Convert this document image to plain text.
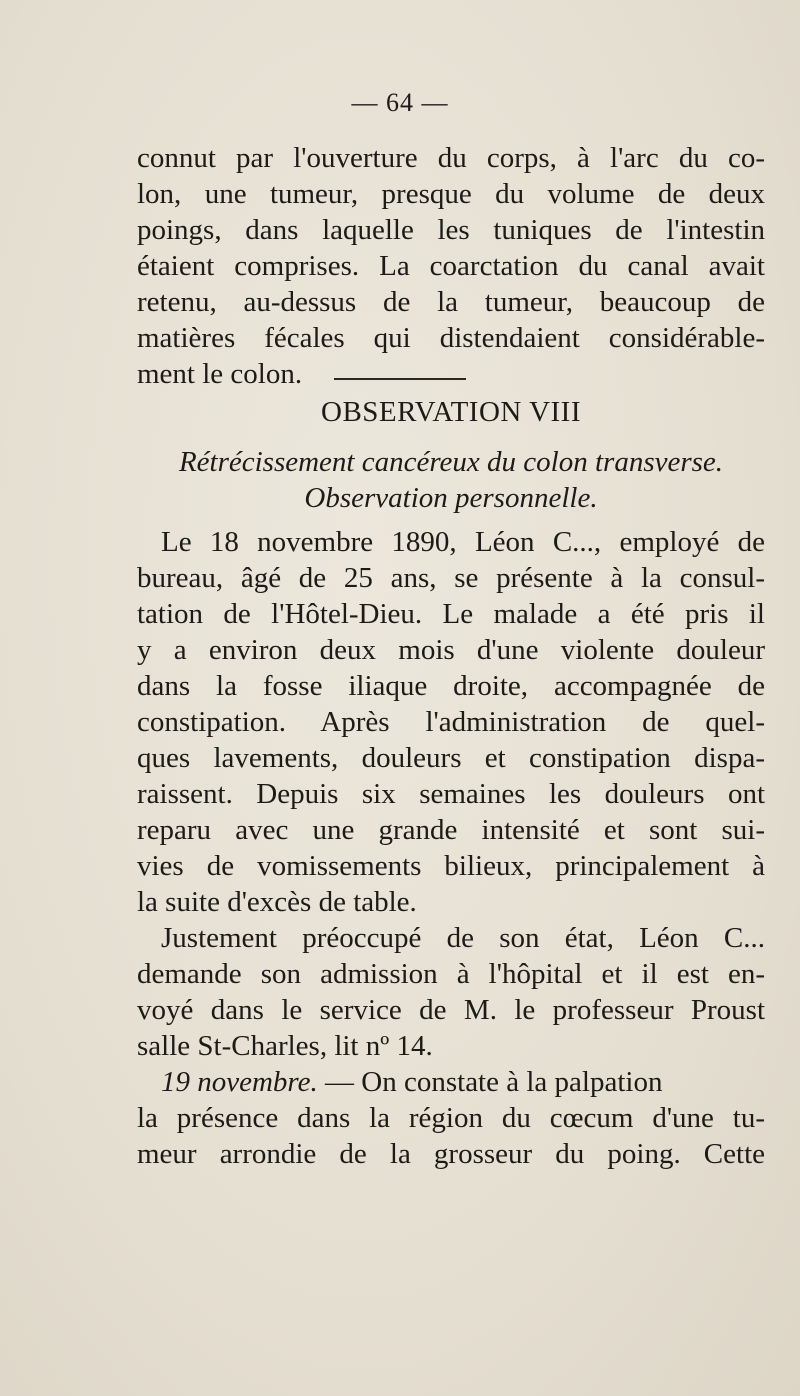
— 64 —
connut par l'ouverture du corps, à l'arc du co-
lon, une tumeur, presque du volume de deux
poings, dans laquelle les tuniques de l'intestin
étaient comprises. La coarctation du canal avait
retenu, au-dessus de la tumeur, beaucoup de
matières fécales qui distendaient considérable-
ment le colon.
OBSERVATION VIII
Rétrécissement cancéreux du colon transverse.
Observation personnelle.
Le 18 novembre 1890, Léon C..., employé de
bureau, âgé de 25 ans, se présente à la consul-
tation de l'Hôtel-Dieu. Le malade a été pris il
y a environ deux mois d'une violente douleur
dans la fosse iliaque droite, accompagnée de
constipation. Après l'administration de quel-
ques lavements, douleurs et constipation dispa-
raissent. Depuis six semaines les douleurs ont
reparu avec une grande intensité et sont sui-
vies de vomissements bilieux, principalement à
la suite d'excès de table.
Justement préoccupé de son état, Léon C...
demande son admission à l'hôpital et il est en-
voyé dans le service de M. le professeur Proust
salle St-Charles, lit nº 14.
19 novembre. — On constate à la palpation
la présence dans la région du cœcum d'une tu-
meur arrondie de la grosseur du poing. Cette
